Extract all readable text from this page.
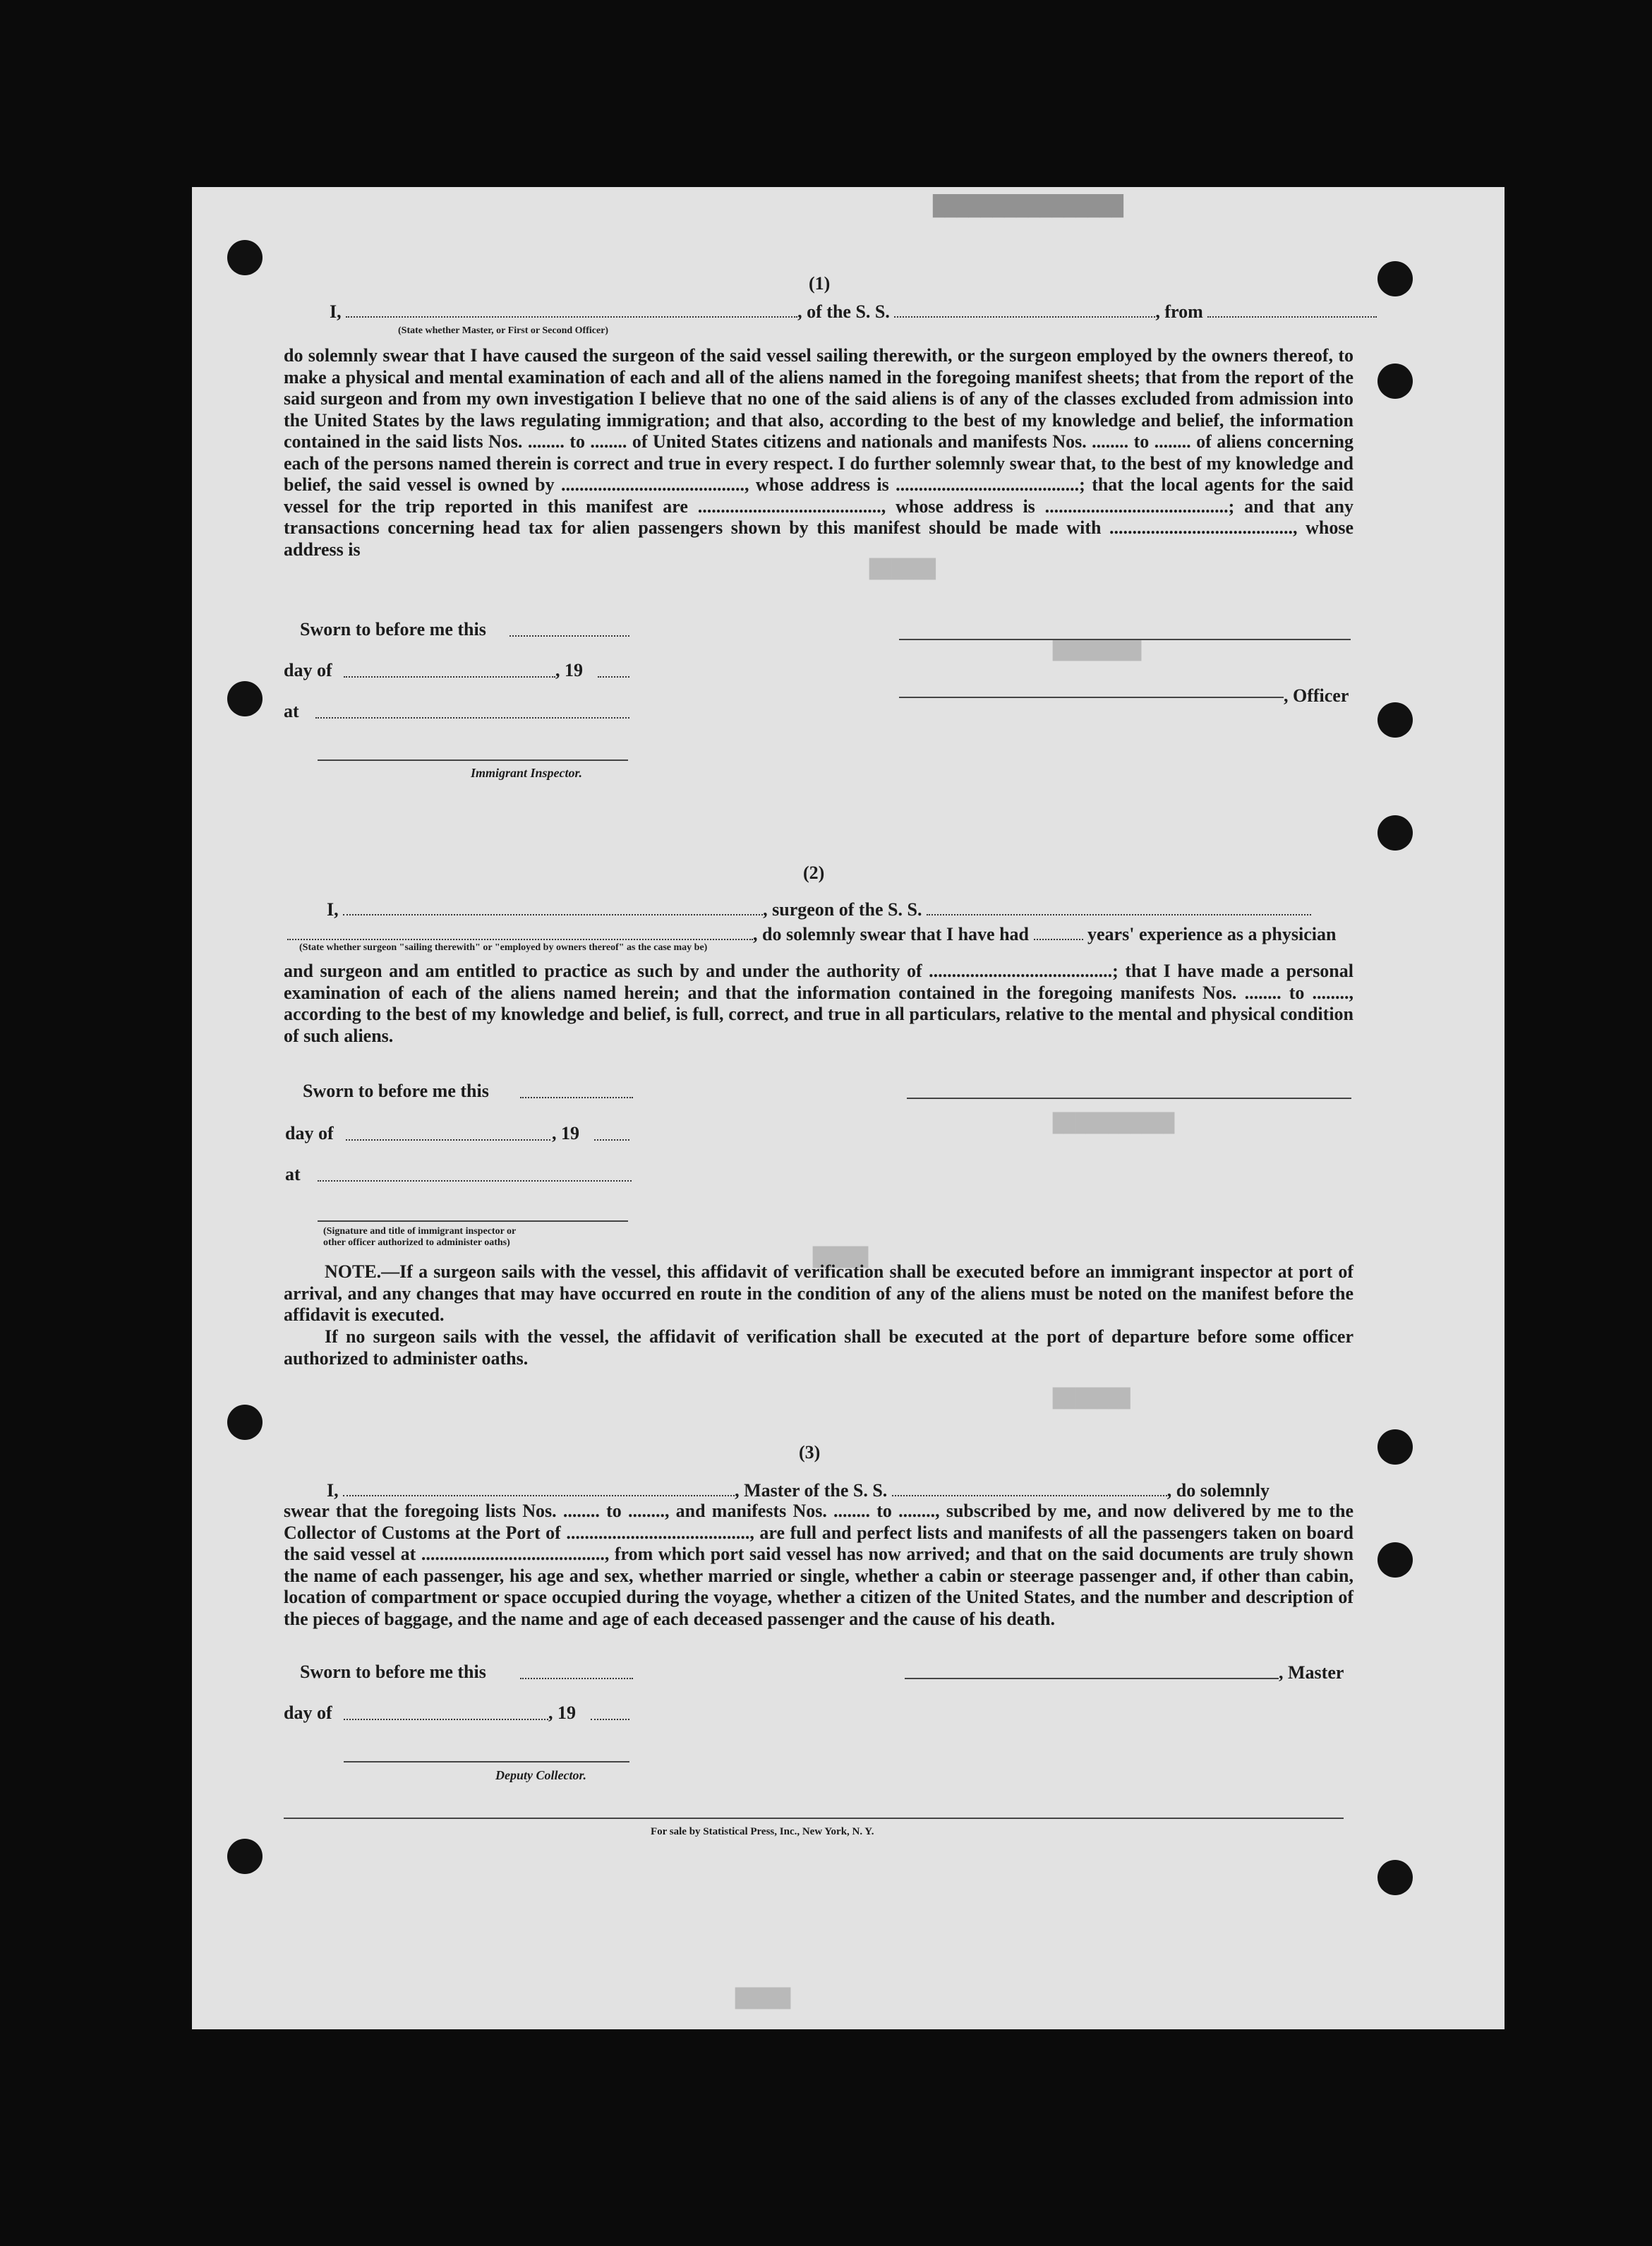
████████████████
██████
████████
███████████
█████
███████
█████
(1)
I,	, of the S. S.	, from
(State whether Master, or First or Second Officer)
do solemnly swear that I have caused the surgeon of the said vessel sailing therewith, or the surgeon employed by the owners thereof, to make a physical and mental examination of each and all of the aliens named in the foregoing manifest sheets; that from the report of the said surgeon and from my own investigation I believe that no one of the said aliens is of any of the classes excluded from admission into the United States by the laws regulating immigration; and that also, according to the best of my knowledge and belief, the information contained in the said lists Nos. ........ to ........ of United States citizens and nationals and manifests Nos. ........ to ........ of aliens concerning each of the persons named therein is correct and true in every respect. I do further solemnly swear that, to the best of my knowledge and belief, the said vessel is owned by ........................................, whose address is ........................................; that the local agents for the said vessel for the trip reported in this manifest are ........................................, whose address is ........................................; and that any transactions concerning head tax for alien passengers shown by this manifest should be made with ........................................, whose address is
Sworn to before me this
day of	, 19
at
Immigrant Inspector.
, Officer
(2)
I,	, surgeon of the S. S.
, do solemnly swear that I have had	years' experience as a physician
(State whether surgeon "sailing therewith" or "employed by owners thereof" as the case may be)
and surgeon and am entitled to practice as such by and under the authority of ........................................; that I have made a personal examination of each of the aliens named herein; and that the information contained in the foregoing manifests Nos. ........ to ........, according to the best of my knowledge and belief, is full, correct, and true in all particulars, relative to the mental and physical condition of such aliens.
Sworn to before me this
day of	, 19
at
(Signature and title of immigrant inspector or
other officer authorized to administer oaths)
NOTE.—If a surgeon sails with the vessel, this affidavit of verification shall be executed before an immigrant inspector at port of arrival, and any changes that may have occurred en route in the condition of any of the aliens must be noted on the manifest before the affidavit is executed.
If no surgeon sails with the vessel, the affidavit of verification shall be executed at the port of departure before some officer authorized to administer oaths.
(3)
I,	, Master of the S. S.	, do solemnly
swear that the foregoing lists Nos. ........ to ........, and manifests Nos. ........ to ........, subscribed by me, and now delivered by me to the Collector of Customs at the Port of ........................................, are full and perfect lists and manifests of all the passengers taken on board the said vessel at ........................................, from which port said vessel has now arrived; and that on the said documents are truly shown the name of each passenger, his age and sex, whether married or single, whether a cabin or steerage passenger and, if other than cabin, location of compartment or space occupied during the voyage, whether a citizen of the United States, and the number and description of the pieces of baggage, and the name and age of each deceased passenger and the cause of his death.
Sworn to before me this
day of	, 19
Deputy Collector.
, Master
For sale by Statistical Press, Inc., New York, N. Y.
